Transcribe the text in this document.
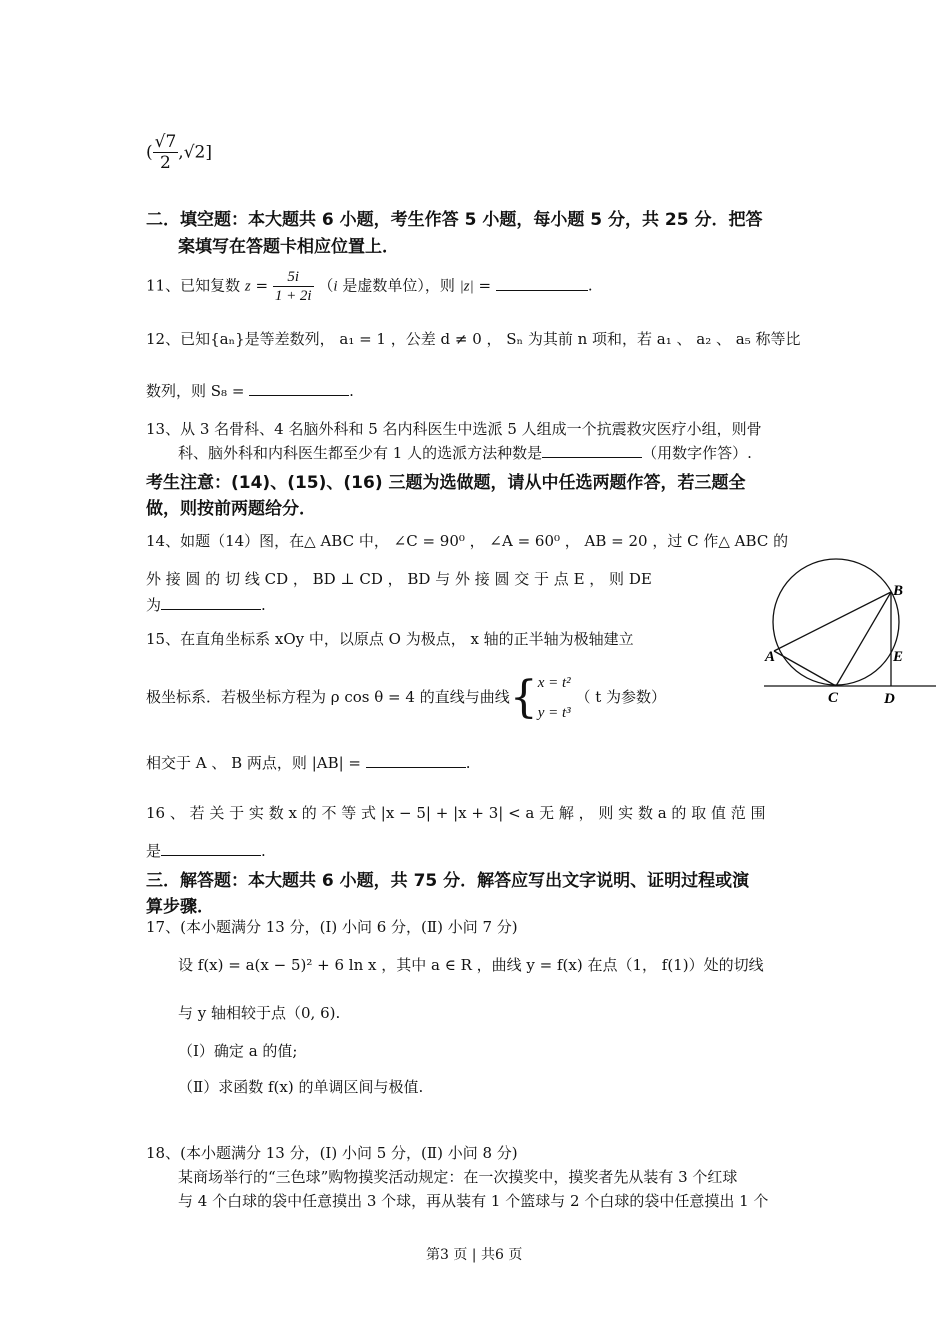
( $\frac{√7}{2} ,√2$]
二．填空题：本大题共 6 小题，考生作答 5 小题，每小题 5 分，共 25 分．把答
案填写在答题卡相应位置上．
11、已知复数 $z = \frac{5i}{1 + 2i} (i$ 是虚数单位），则 |z| =	.
12、已知{aₙ}是等差数列， a₁ = 1 ，公差 d ≠ 0 ， Sₙ 为其前 n 项和，若 a₁ 、 a₂ 、 a₅ 称等比
数列，则 S₈ =	.
13、从 3 名骨科、4 名脑外科和 5 名内科医生中选派 5 人组成一个抗震救灾医疗小组，则骨
科、脑外科和内科医生都至少有 1 人的选派方法种数是	（用数字作答）.
考生注意：(14)、(15)、(16) 三题为选做题，请从中任选两题作答，若三题全
做，则按前两题给分．
14、如题（14）图，在△ ABC 中， ∠C = 90⁰ ， ∠A = 60⁰ ， AB = 20 ，过 C 作△ ABC 的
外 接 圆 的 切 线 CD ， BD ⊥ CD ， BD 与 外 接 圆 交 于 点 E ， 则 DE
为	.
B
A	E
C	D
15、在直角坐标系 xOy 中，以原点 O 为极点， x 轴的正半轴为极轴建立
极坐标系．若极坐标方程为 ρ cos θ = 4 的直线与曲线{ x = t²
y = t³
（ t 为参数）
相交于 A 、 B 两点，则 |AB| =	.
16 、 若 关 于 实 数 x 的 不 等 式 |x − 5| + |x + 3| < a 无 解 ， 则 实 数 a 的 取 值 范 围
是	.
三．解答题：本大题共 6 小题，共 75 分．解答应写出文字说明、证明过程或演
算步骤．
17、(本小题满分 13 分，(Ⅰ) 小问 6 分，(Ⅱ) 小问 7 分)
设 f(x) = a(x − 5)² + 6 ln x ，其中 a ∈ R ，曲线 y = f(x) 在点（1， f(1)）处的切线
与 y 轴相较于点（0, 6).
（Ⅰ）确定 a 的值;
（Ⅱ）求函数 f(x) 的单调区间与极值.
18、(本小题满分 13 分，(Ⅰ) 小问 5 分，(Ⅱ) 小问 8 分)
某商场举行的“三色球”购物摸奖活动规定：在一次摸奖中，摸奖者先从装有 3 个红球
与 4 个白球的袋中任意摸出 3 个球，再从装有 1 个篮球与 2 个白球的袋中任意摸出 1 个
第3 页 | 共6 页
